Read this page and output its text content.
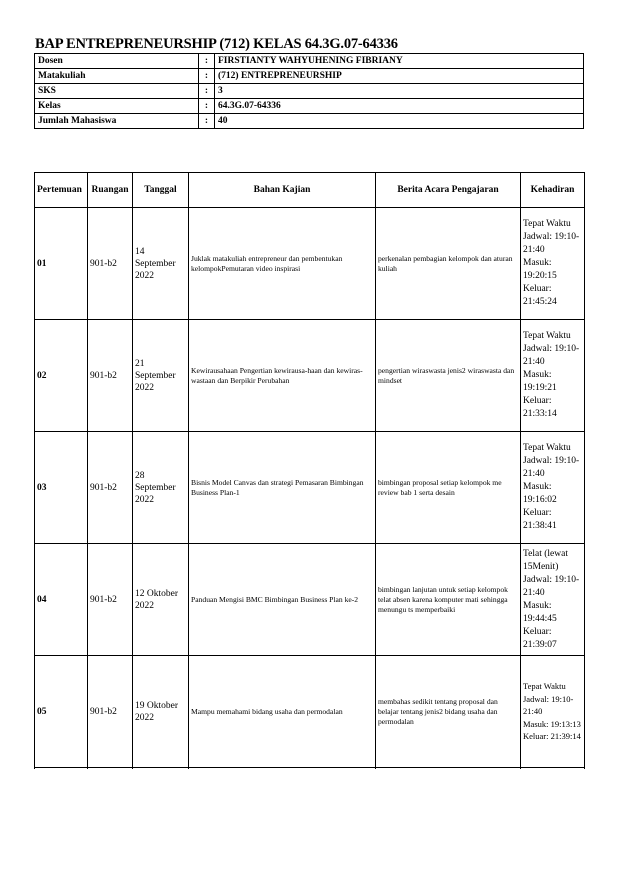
BAP ENTREPRENEURSHIP (712) KELAS 64.3G.07-64336
Dosen	:	FIRSTIANTY WAHYUHENING FIBRIANY
Matakuliah	:	(712) ENTREPRENEURSHIP
SKS	:	3
Kelas	:	64.3G.07-64336
Jumlah Mahasiswa	:	40
Pertemuan	Ruangan	Tanggal	Bahan Kajian	Berita Acara Pengajaran	Kehadiran
01	901-b2	14 September 2022	Juklak matakuliah entrepreneur dan pembentukan kelompokPemutaran video inspirasi	perkenalan pembagian kelompok dan aturan kuliah	Tepat Waktu
Jadwal: 19:10-21:40
Masuk: 19:20:15
Keluar: 21:45:24

02	901-b2	21 September 2022	Kewirausahaan Pengertian kewirausa-haan dan kewiras-wastaan dan Berpikir Perubahan	pengertian wiraswasta jenis2 wiraswasta dan mindset	Tepat Waktu
Jadwal: 19:10-21:40
Masuk: 19:19:21
Keluar: 21:33:14

03	901-b2	28 September 2022	Bisnis Model Canvas dan strategi Pemasaran Bimbingan Business Plan-1	bimbingan proposal setiap kelompok me review bab 1 serta desain	Tepat Waktu
Jadwal: 19:10-21:40
Masuk: 19:16:02
Keluar: 21:38:41

04	901-b2	12 Oktober 2022	Panduan Mengisi BMC Bimbingan Business Plan ke-2	bimbingan lanjutan untuk setiap kelompok telat absen karena komputer mati sehingga menungu ts memperbaiki	Telat (lewat 15Menit)
Jadwal: 19:10-21:40
Masuk: 19:44:45
Keluar: 21:39:07

05	901-b2	19 Oktober 2022	Mampu memahami bidang usaha dan permodalan	membahas sedikit tentang proposal dan belajar tentang jenis2 bidang usaha dan permodalan	Tepat Waktu
Jadwal: 19:10-21:40
Masuk: 19:13:13
Keluar: 21:39:14
